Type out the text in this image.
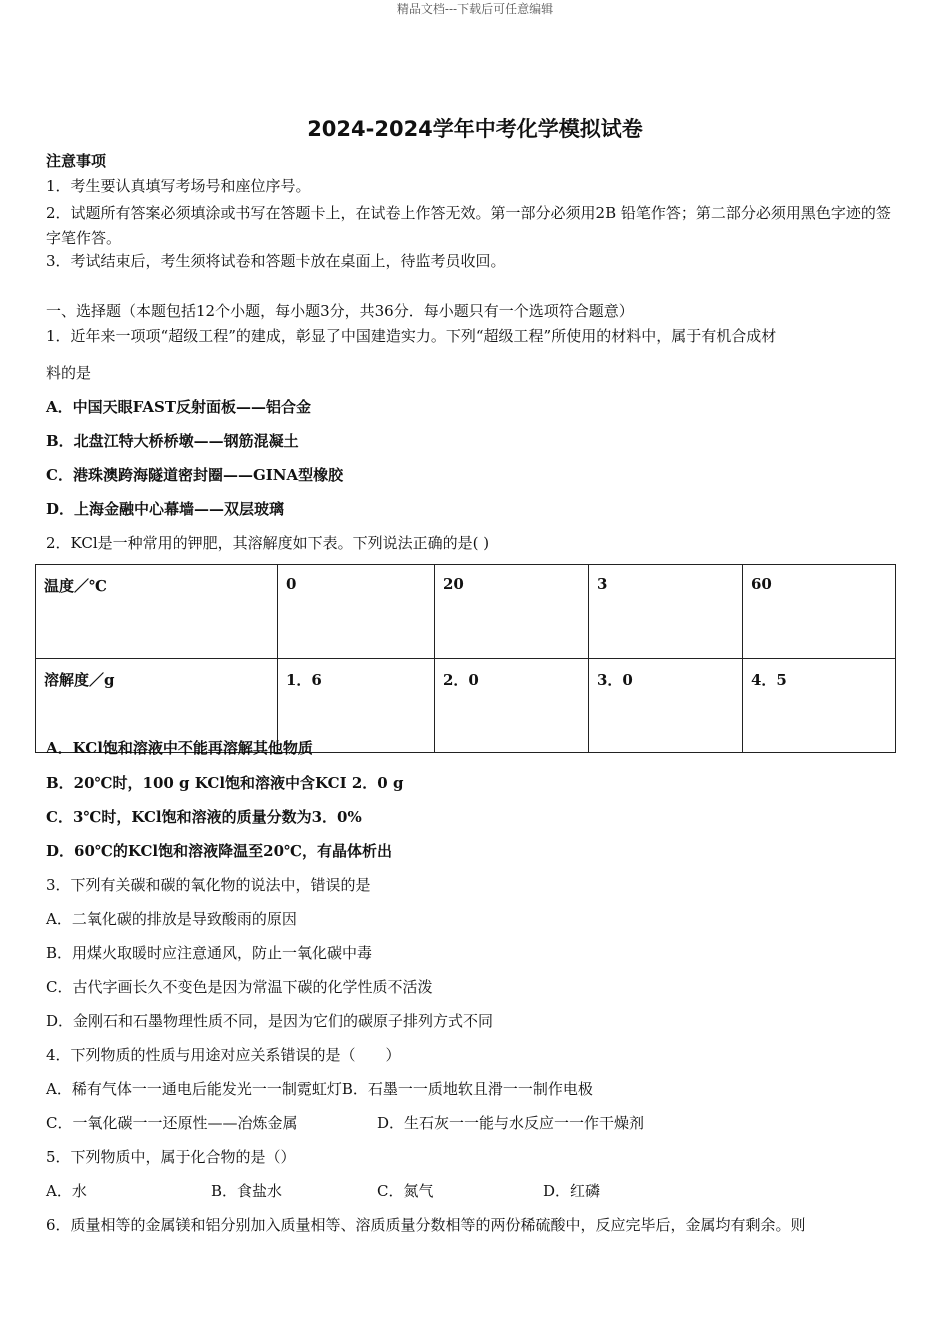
精品文档---下载后可任意编辑
2024-2024学年中考化学模拟试卷
注意事项
1．考生要认真填写考场号和座位序号。
2．试题所有答案必须填涂或书写在答题卡上，在试卷上作答无效。第一部分必须用2B 铅笔作答；第二部分必须用黑色字迹的签字笔作答。
3．考试结束后，考生须将试卷和答题卡放在桌面上，待监考员收回。
一、选择题（本题包括12个小题，每小题3分，共36分．每小题只有一个选项符合题意）
1．近年来一项项“超级工程”的建成，彰显了中国建造实力。下列“超级工程”所使用的材料中，属于有机合成材
料的是
A．中国天眼FAST反射面板——铝合金
B．北盘江特大桥桥墩——钢筋混凝土
C．港珠澳跨海隧道密封圈——GINA型橡胶
D．上海金融中心幕墙——双层玻璃
2．KCl是一种常用的钾肥，其溶解度如下表。下列说法正确的是( )
温度／℃	0	20	3	60
溶解度／g	1．6	2．0	3．0	4．5
A．KCl饱和溶液中不能再溶解其他物质
B．20℃时，100 g KCl饱和溶液中含KCI 2．0 g
C．3℃时，KCl饱和溶液的质量分数为3．0%
D．60℃的KCl饱和溶液降温至20℃，有晶体析出
3．下列有关碳和碳的氧化物的说法中，错误的是
A．二氧化碳的排放是导致酸雨的原因
B．用煤火取暖时应注意通风，防止一氧化碳中毒
C．古代字画长久不变色是因为常温下碳的化学性质不活泼
D．金刚石和石墨物理性质不同，是因为它们的碳原子排列方式不同
4．下列物质的性质与用途对应关系错误的是（　　）
A．稀有气体一一通电后能发光一一制霓虹灯B．石墨一一质地软且滑一一制作电极
C．一氧化碳一一还原性——冶炼金属	D．生石灰一一能与水反应一一作干燥剂
5．下列物质中，属于化合物的是（）
A．水	B．食盐水	C．氮气	D．红磷
6．质量相等的金属镁和铝分别加入质量相等、溶质质量分数相等的两份稀硫酸中，反应完毕后，金属均有剩余。则
